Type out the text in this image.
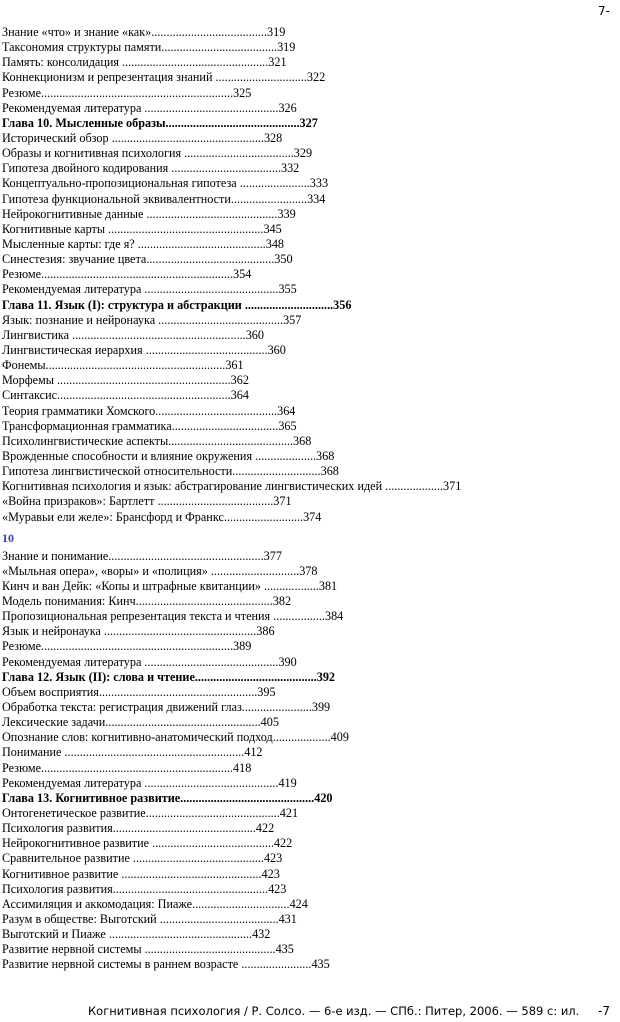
7-
Знание «что» и знание «как»......................................319
Таксономия структуры памяти......................................319
Память: консолидация ................................................321
Коннекционизм и репрезентация знаний ..............................322
Резюме...............................................................325
Рекомендуемая литература ............................................326
Глава 10. Мысленные образы............................................327
Исторический обзор ..................................................328
Образы и когнитивная психология ....................................329
Гипотеза двойного кодирования ....................................332
Концептуально-пропозициональная гипотеза .......................333
Гипотеза функциональной эквивалентности.........................334
Нейрокогнитивные данные ...........................................339
Когнитивные карты ...................................................345
Мысленные карты: где я? ..........................................348
Синестезия: звучание цвета..........................................350
Резюме...............................................................354
Рекомендуемая литература ............................................355
Глава 11. Язык (I): структура и абстракции .............................356
Язык: познание и нейронаука .........................................357
Лингвистика .........................................................360
Лингвистическая иерархия ........................................360
Фонемы...........................................................361
Морфемы .........................................................362
Синтаксис.........................................................364
Теория грамматики Хомского........................................364
Трансформационная грамматика...................................365
Психолингвистические аспекты.........................................368
Врожденные способности и влияние окружения ....................368
Гипотеза лингвистической относительности.............................368
Когнитивная психология и язык: абстрагирование лингвистических идей ...................371
«Война призраков»: Бартлетт ......................................371
«Муравьи ели желе»: Брансфорд и Франкс..........................374
10
Знание и понимание...................................................377
«Мыльная опера», «воры» и «полиция» .............................378
Кинч и ван Дейк: «Копы и штрафные квитанции» ..................381
Модель понимания: Кинч.............................................382
Пропозициональная репрезентация текста и чтения .................384
Язык и нейронаука ..................................................386
Резюме...............................................................389
Рекомендуемая литература ............................................390
Глава 12. Язык (II): слова и чтение........................................392
Объем восприятия....................................................395
Обработка текста: регистрация движений глаз.......................399
Лексические задачи...................................................405
Опознание слов: когнитивно-анатомический подход...................409
Понимание ...........................................................412
Резюме...............................................................418
Рекомендуемая литература ............................................419
Глава 13. Когнитивное развитие............................................420
Онтогенетическое развитие............................................421
Психология развития...............................................422
Нейрокогнитивное развитие ........................................422
Сравнительное развитие ...........................................423
Когнитивное развитие ..............................................423
Психология развития...................................................423
Ассимиляция и аккомодация: Пиаже................................424
Разум в обществе: Выготский .......................................431
Выготский и Пиаже ...............................................432
Развитие нервной системы ...........................................435
Развитие нервной системы в раннем возрасте .......................435
Когнитивная психология / Р. Солсо. — 6-е изд. — СПб.: Питер, 2006. — 589 с: ил. -7
